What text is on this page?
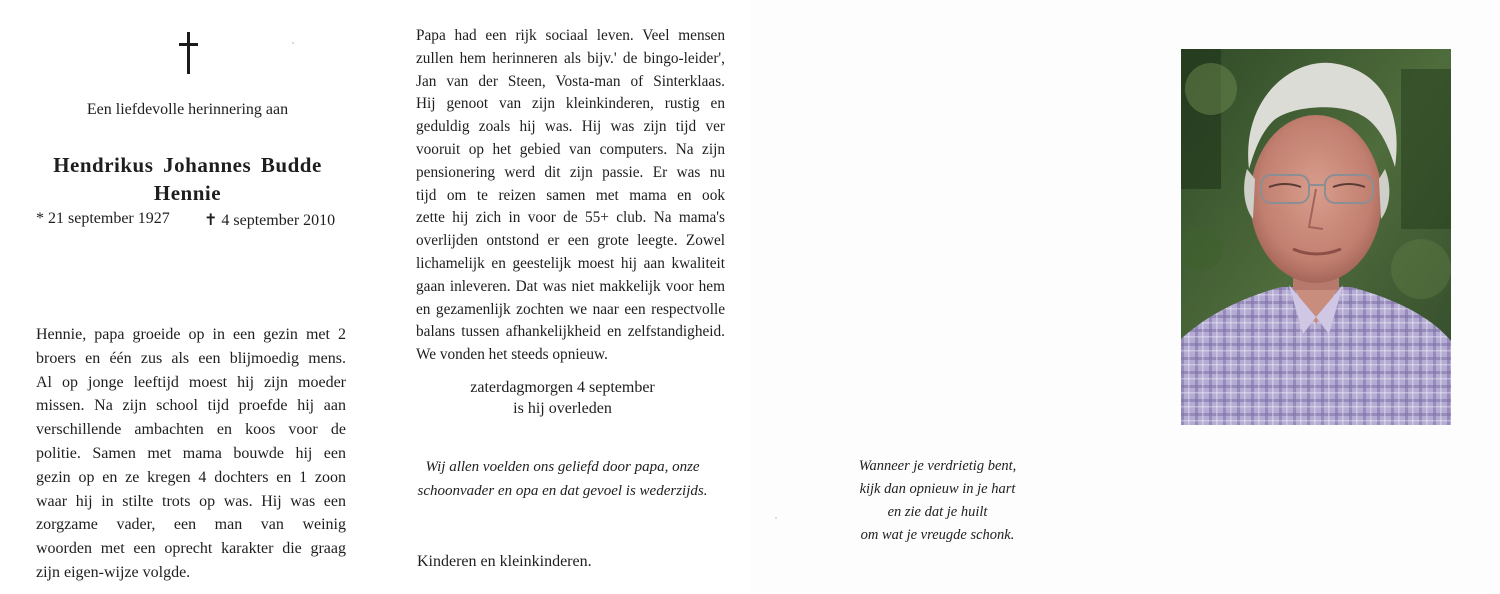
Een liefdevolle herinnering aan
Hendrikus Johannes Budde
Hennie
* 21 september 1927 ✝ 4 september 2010
Hennie, papa groeide op in een gezin met 2
broers en één zus als een blijmoedig mens.
Al op jonge leeftijd moest hij zijn moeder
missen. Na zijn school tijd proefde hij aan
verschillende ambachten en koos voor de
politie. Samen met mama bouwde hij een
gezin op en ze kregen 4 dochters en 1 zoon
waar hij in stilte trots op was. Hij was een
zorgzame vader, een man van weinig
woorden met een oprecht karakter die graag
zijn eigen-wijze volgde.
Papa had een rijk sociaal leven. Veel mensen
zullen hem herinneren als bijv.' de bingo-leider',
Jan van der Steen, Vosta-man of Sinterklaas.
Hij genoot van zijn kleinkinderen, rustig en
geduldig zoals hij was. Hij was zijn tijd ver
vooruit op het gebied van computers. Na zijn
pensionering werd dit zijn passie. Er was nu
tijd om te reizen samen met mama en ook
zette hij zich in voor de 55+ club. Na mama's
overlijden ontstond er een grote leegte. Zowel
lichamelijk en geestelijk moest hij aan kwaliteit
gaan inleveren. Dat was niet makkelijk voor hem
en gezamenlijk zochten we naar een respectvolle
balans tussen afhankelijkheid en zelfstandigheid.
We vonden het steeds opnieuw.
zaterdagmorgen 4 september
is hij overleden
Wij allen voelden ons geliefd door papa, onze
schoonvader en opa en dat gevoel is wederzijds.
Kinderen en kleinkinderen.
Wanneer je verdrietig bent,
kijk dan opnieuw in je hart
en zie dat je huilt
om wat je vreugde schonk.
